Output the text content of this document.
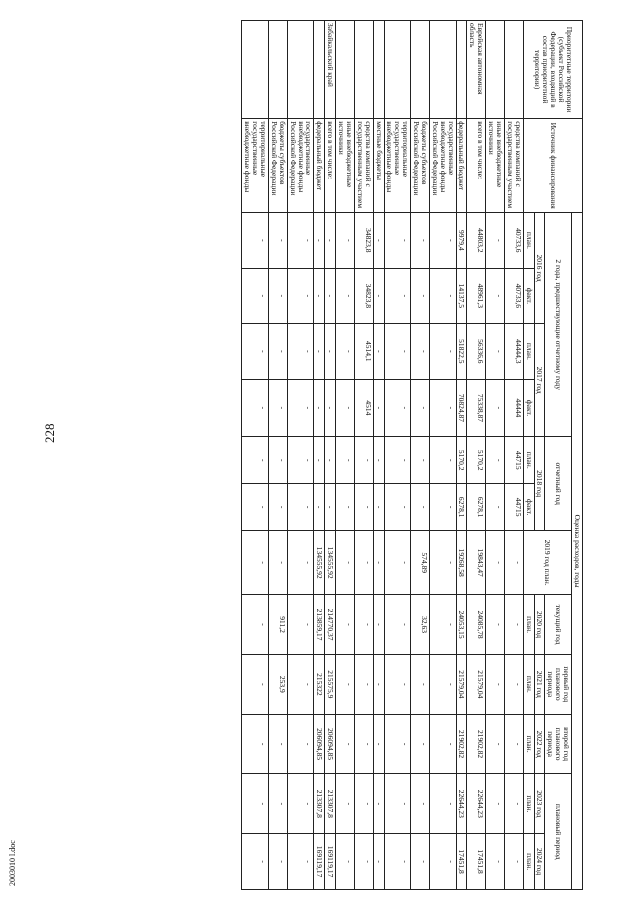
228
2003010 l.doc
Приоритетные территории (субъект Российской Федерации, входящий в состав приоритетной территории)	Источник финансирования	Оценка расходов, годы											
		2 года, предшествующие отчетному году				отчетный год		2019 год план.	текущий год	первый год планового периода	второй год планового периода	плановый период	
		2016 год		2017 год		2018 год			2020 год	2021 год	2022 год	2023 год	2024 год
		план.	факт.	план.	факт.	план.	факт.		план.	план.	план.	план.	план.
	средства компаний с государственным участием	40733,6	40733,6	44444,3	44444	44715	44715	-	-	-	-	-	-
	иные внебюджетные источники	-	-	-	-	-	-	-	-	-	-	-	-
Еврейская автономная область	всего в том числе:	44803,2	48961,3	56336,6	75338,87	5170,2	6278,1	19843,47	24085,78	21579,04	21902,82	22644,23	17451,8
	федеральный бюджет	9979,4	14137,5	51822,5	70824,87	5170,2	6278,1	19268,58	24053,15	21579,04	21902,82	22644,23	17451,8
	государственные внебюджетные фонды Российской Федерации	-	-	-	-	-	-	-	-	-	-	-	-
	бюджеты субъектов Российской Федерации	-	-	-	-	-	-	574,89	32,63	-	-	-	-
	территориальные государственные внебюджетные фонды	-	-	-	-	-	-	-	-	-	-	-	-
	местные бюджеты	-	-	-	-	-	-	-	-	-	-	-	-
	средства компаний с государственным участием	34823,8	34823,8	4514,1	4514	-	-	-	-	-	-	-	-
	иные внебюджетные источники	-	-	-	-	-	-	-	-	-	-	-	-
Забайкальский край	всего в том числе:	-	-	-	-	-	-	134555,92	214770,37	215575,9	206094,85	213307,8	169119,17
	федеральный бюджет	-	-	-	-	-	-	134555,92	213859,17	215322	206094,85	213307,8	169119,17
	государственные внебюджетные фонды Российской Федерации	-	-	-	-	-	-	-	-	-	-	-	-
	бюджеты субъектов Российской Федерации	-	-	-	-	-	-	-	911,2	253,9	-	-	-
	территориальные государственные внебюджетные фонды	-	-	-	-	-	-	-	-	-	-	-	-
